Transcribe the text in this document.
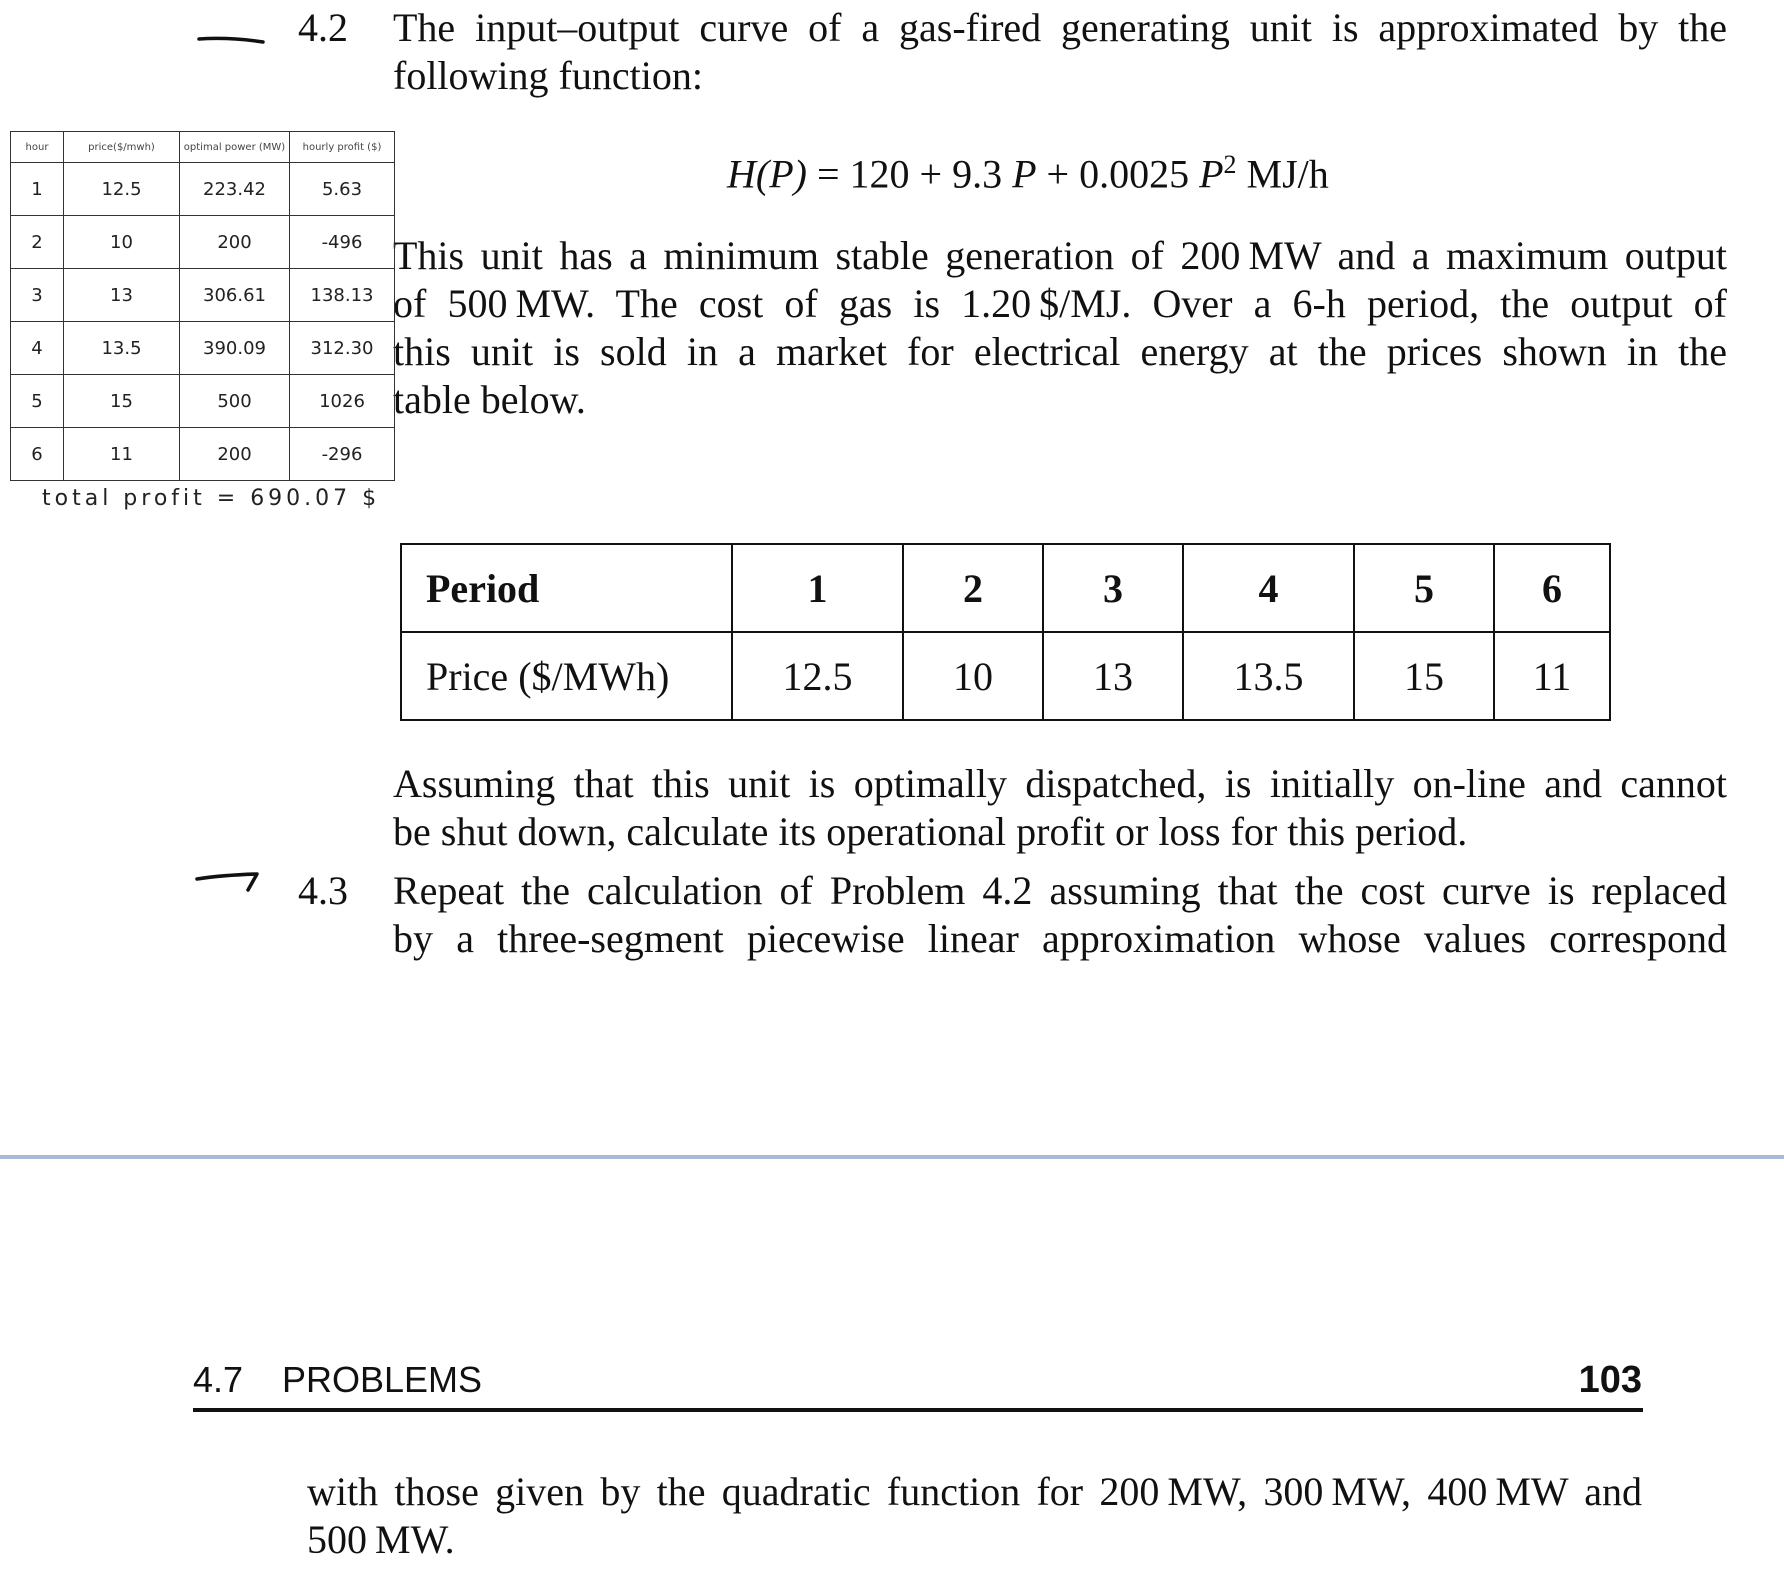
4.2 The input–output curve of a gas-fired generating unit is approximated by the
following function:
H(P) = 120 + 9.3 P + 0.0025 $P^2$ MJ/h
This unit has a minimum stable generation of 200 MW and a maximum output
of 500 MW. The cost of gas is 1.20 $/MJ. Over a 6-h period, the output of
this unit is sold in a market for electrical energy at the prices shown in the
table below.
Period	1	2	3	4	5	6
Price ($/MWh)	12.5	10	13	13.5	15	11
Assuming that this unit is optimally dispatched, is initially on-line and cannot
be shut down, calculate its operational profit or loss for this period.
4.3 Repeat the calculation of Problem 4.2 assuming that the cost curve is replaced
by a three-segment piecewise linear approximation whose values correspond
4.7 PROBLEMS	103
with those given by the quadratic function for 200 MW, 300 MW, 400 MW and
500 MW.
hour	price($/mwh)	optimal power (MW)	hourly profit ($)
1	12.5	223.42	5.63
2	10	200	-496
3	13	306.61	138.13
4	13.5	390.09	312.30
5	15	500	1026
6	11	200	-296
total profit = 690.07 $
